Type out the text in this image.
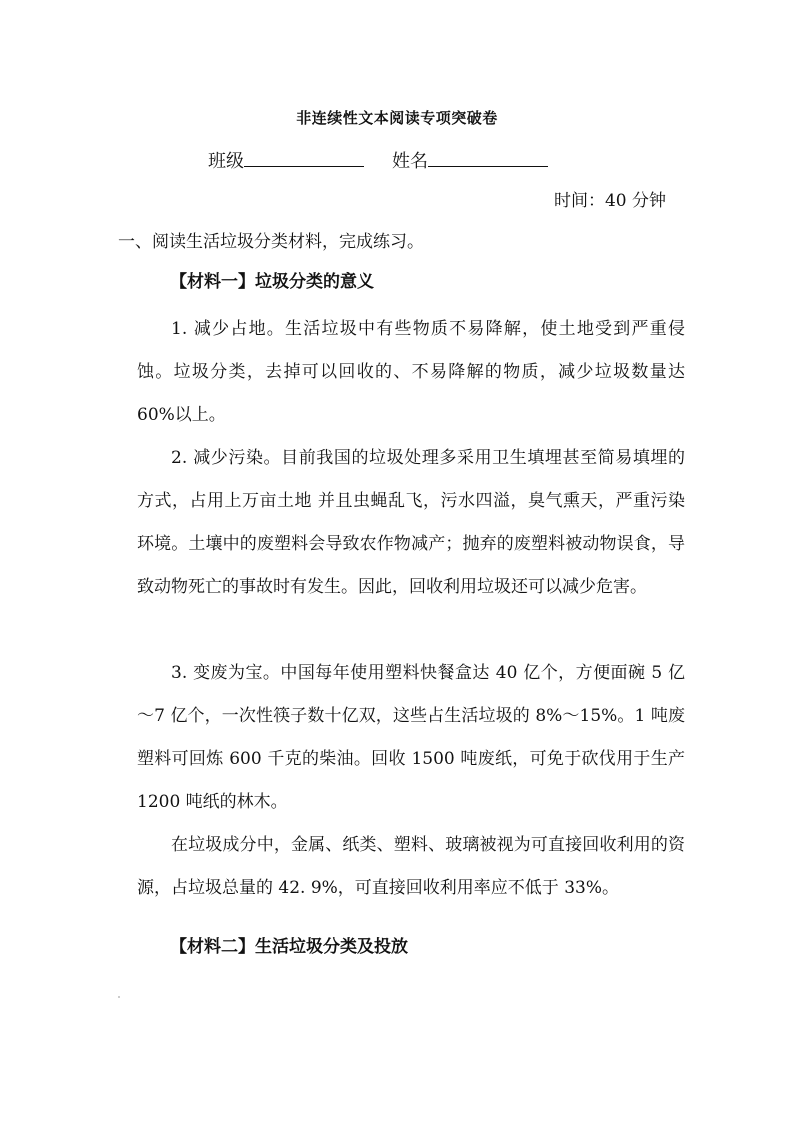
非连续性文本阅读专项突破卷
班级	姓名
时间：40 分钟
一、阅读生活垃圾分类材料，完成练习。
【材料一】垃圾分类的意义

1. 减少占地。生活垃圾中有些物质不易降解，使土地受到严重侵蚀。垃圾分类，去掉可以回收的、不易降解的物质，减少垃圾数量达 60%以上。

2. 减少污染。目前我国的垃圾处理多采用卫生填埋甚至简易填埋的方式，占用上万亩土地 并且虫蝇乱飞，污水四溢，臭气熏天，严重污染环境。土壤中的废塑料会导致农作物减产；抛弃的废塑料被动物误食，导致动物死亡的事故时有发生。因此，回收利用垃圾还可以减少危害。

3. 变废为宝。中国每年使用塑料快餐盒达 40 亿个，方便面碗 5 亿～7 亿个，一次性筷子数十亿双，这些占生活垃圾的 8%～15%。1 吨废塑料可回炼 600 千克的柴油。回收 1500 吨废纸，可免于砍伐用于生产 1200 吨纸的林木。

在垃圾成分中，金属、纸类、塑料、玻璃被视为可直接回收利用的资源，占垃圾总量的 42. 9%，可直接回收利用率应不低于 33%。

【材料二】生活垃圾分类及投放
